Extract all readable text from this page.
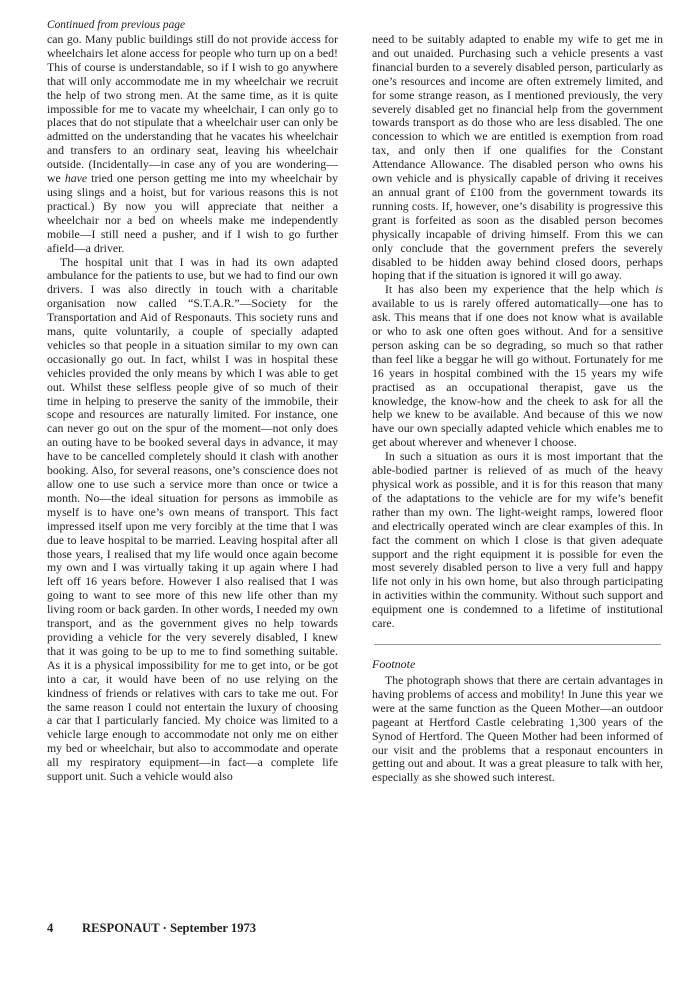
Continued from previous page

can go. Many public buildings still do not provide access for wheelchairs let alone access for people who turn up on a bed! This of course is understandable, so if I wish to go anywhere that will only accommodate me in my wheelchair we recruit the help of two strong men. At the same time, as it is quite impossible for me to vacate my wheelchair, I can only go to places that do not stipulate that a wheelchair user can only be admitted on the understanding that he vacates his wheelchair and transfers to an ordinary seat, leaving his wheelchair outside. (Incidentally—in case any of you are wondering—we have tried one person getting me into my wheelchair by using slings and a hoist, but for various reasons this is not practical.) By now you will appreciate that neither a wheelchair nor a bed on wheels make me independently mobile—I still need a pusher, and if I wish to go further afield—a driver.

The hospital unit that I was in had its own adapted ambulance for the patients to use, but we had to find our own drivers. I was also directly in touch with a charitable organisation now called “S.T.A.R.”—Society for the Transportation and Aid of Responauts. This society runs and mans, quite voluntarily, a couple of specially adapted vehicles so that people in a situation similar to my own can occasionally go out. In fact, whilst I was in hospital these vehicles provided the only means by which I was able to get out. Whilst these selfless people give of so much of their time in helping to preserve the sanity of the immobile, their scope and resources are naturally limited. For instance, one can never go out on the spur of the moment—not only does an outing have to be booked several days in advance, it may have to be cancelled completely should it clash with another booking. Also, for several reasons, one’s conscience does not allow one to use such a service more than once or twice a month. No—the ideal situation for persons as immobile as myself is to have one’s own means of transport. This fact impressed itself upon me very forcibly at the time that I was due to leave hospital to be married. Leaving hospital after all those years, I realised that my life would once again become my own and I was virtually taking it up again where I had left off 16 years before. However I also realised that I was going to want to see more of this new life other than my living room or back garden. In other words, I needed my own transport, and as the government gives no help towards providing a vehicle for the very severely disabled, I knew that it was going to be up to me to find something suitable. As it is a physical impossibility for me to get into, or be got into a car, it would have been of no use relying on the kindness of friends or relatives with cars to take me out. For the same reason I could not entertain the luxury of choosing a car that I particularly fancied. My choice was limited to a vehicle large enough to accommodate not only me on either my bed or wheelchair, but also to accommodate and operate all my respiratory equipment—in fact—a complete life support unit. Such a vehicle would also

need to be suitably adapted to enable my wife to get me in and out unaided. Purchasing such a vehicle presents a vast financial burden to a severely disabled person, particularly as one’s resources and income are often extremely limited, and for some strange reason, as I mentioned previously, the very severely disabled get no financial help from the government towards transport as do those who are less disabled. The one concession to which we are entitled is exemption from road tax, and only then if one qualifies for the Constant Attendance Allowance. The disabled person who owns his own vehicle and is physically capable of driving it receives an annual grant of £100 from the government towards its running costs. If, however, one’s disability is progressive this grant is forfeited as soon as the disabled person becomes physically incapable of driving himself. From this we can only conclude that the government prefers the severely disabled to be hidden away behind closed doors, perhaps hoping that if the situation is ignored it will go away.

It has also been my experience that the help which is available to us is rarely offered automatically—one has to ask. This means that if one does not know what is available or who to ask one often goes without. And for a sensitive person asking can be so degrading, so much so that rather than feel like a beggar he will go without. Fortunately for me 16 years in hospital combined with the 15 years my wife practised as an occupational therapist, gave us the knowledge, the know-how and the cheek to ask for all the help we knew to be available. And because of this we now have our own specially adapted vehicle which enables me to get about wherever and whenever I choose.

In such a situation as ours it is most important that the able-bodied partner is relieved of as much of the heavy physical work as possible, and it is for this reason that many of the adaptations to the vehicle are for my wife’s benefit rather than my own. The light-weight ramps, lowered floor and electrically operated winch are clear examples of this. In fact the comment on which I close is that given adequate support and the right equipment it is possible for even the most severely disabled person to live a very full and happy life not only in his own home, but also through participating in activities within the community. Without such support and equipment one is condemned to a lifetime of institutional care.

Footnote

The photograph shows that there are certain advantages in having problems of access and mobility! In June this year we were at the same function as the Queen Mother—an outdoor pageant at Hertford Castle celebrating 1,300 years of the Synod of Hertford. The Queen Mother had been informed of our visit and the problems that a responaut encounters in getting out and about. It was a great pleasure to talk with her, especially as she showed such interest.

4 RESPONAUT · September 1973
